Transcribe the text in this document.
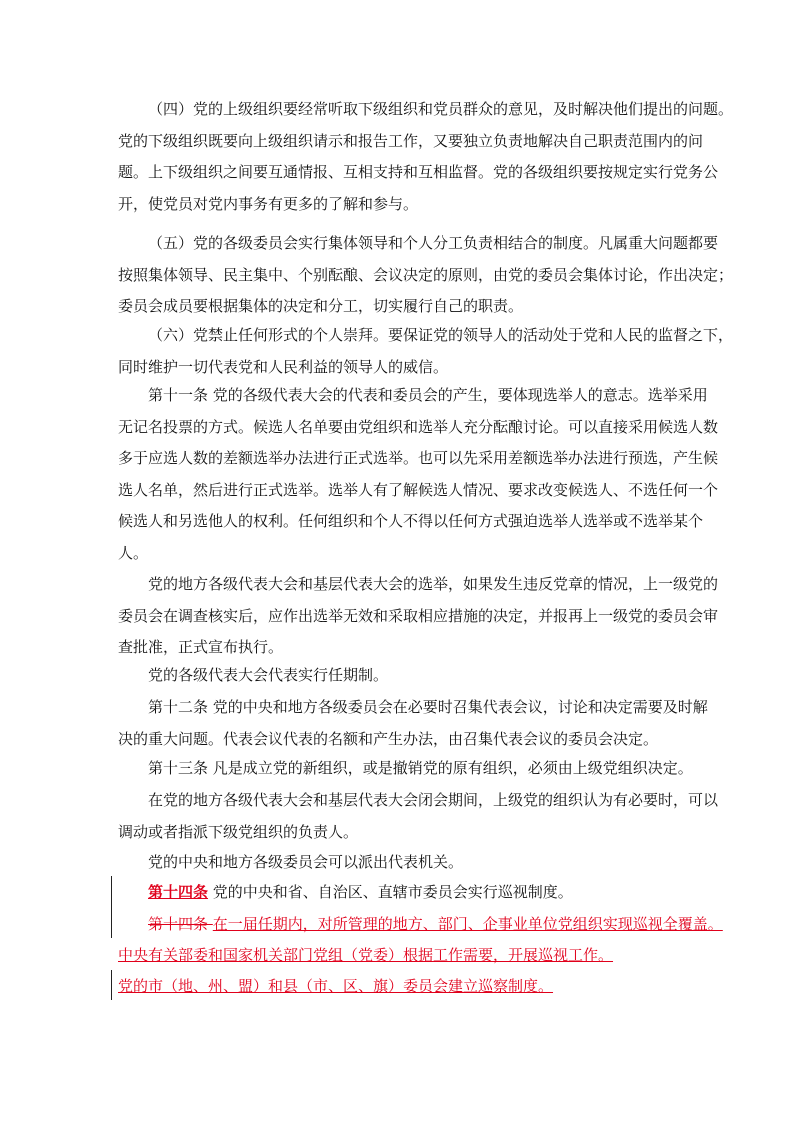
（四）党的上级组织要经常听取下级组织和党员群众的意见，及时解决他们提出的问题。
党的下级组织既要向上级组织请示和报告工作，又要独立负责地解决自己职责范围内的问
题。上下级组织之间要互通情报、互相支持和互相监督。党的各级组织要按规定实行党务公
开，使党员对党内事务有更多的了解和参与。
（五）党的各级委员会实行集体领导和个人分工负责相结合的制度。凡属重大问题都要
按照集体领导、民主集中、个别酝酿、会议决定的原则，由党的委员会集体讨论，作出决定；
委员会成员要根据集体的决定和分工，切实履行自己的职责。
（六）党禁止任何形式的个人崇拜。要保证党的领导人的活动处于党和人民的监督之下，
同时维护一切代表党和人民利益的领导人的威信。
第十一条 党的各级代表大会的代表和委员会的产生，要体现选举人的意志。选举采用
无记名投票的方式。候选人名单要由党组织和选举人充分酝酿讨论。可以直接采用候选人数
多于应选人数的差额选举办法进行正式选举。也可以先采用差额选举办法进行预选，产生候
选人名单，然后进行正式选举。选举人有了解候选人情况、要求改变候选人、不选任何一个
候选人和另选他人的权利。任何组织和个人不得以任何方式强迫选举人选举或不选举某个
人。
党的地方各级代表大会和基层代表大会的选举，如果发生违反党章的情况，上一级党的
委员会在调查核实后，应作出选举无效和采取相应措施的决定，并报再上一级党的委员会审
查批准，正式宣布执行。
党的各级代表大会代表实行任期制。
第十二条 党的中央和地方各级委员会在必要时召集代表会议，讨论和决定需要及时解
决的重大问题。代表会议代表的名额和产生办法，由召集代表会议的委员会决定。
第十三条 凡是成立党的新组织，或是撤销党的原有组织，必须由上级党组织决定。
在党的地方各级代表大会和基层代表大会闭会期间，上级党的组织认为有必要时，可以
调动或者指派下级党组织的负责人。
党的中央和地方各级委员会可以派出代表机关。
第十四条 党的中央和省、自治区、直辖市委员会实行巡视制度。
第十四条 在一届任期内，对所管理的地方、部门、企事业单位党组织实现巡视全覆盖。
中央有关部委和国家机关部门党组（党委）根据工作需要，开展巡视工作。
党的市（地、州、盟）和县（市、区、旗）委员会建立巡察制度。
